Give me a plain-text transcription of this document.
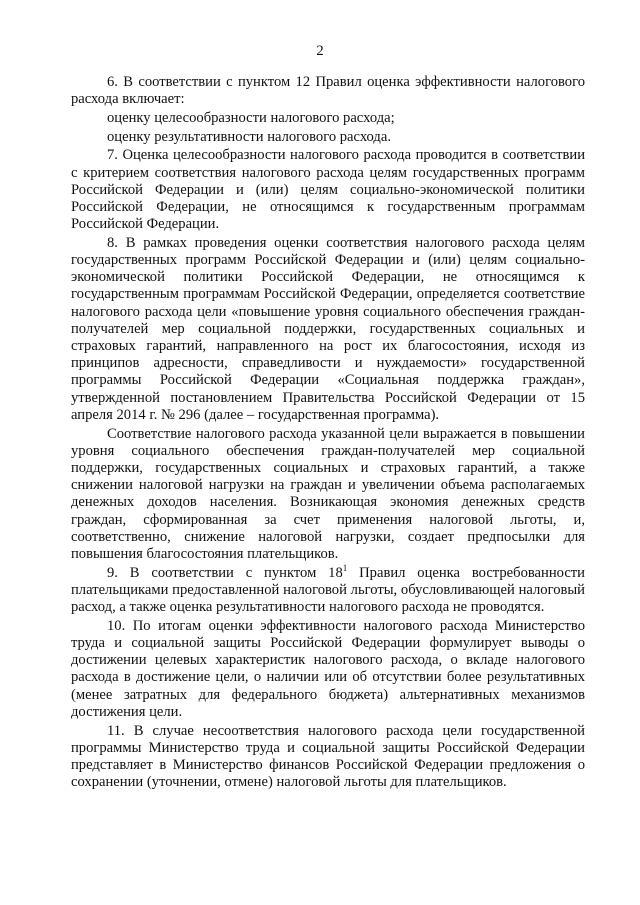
2

6. В соответствии с пунктом 12 Правил оценка эффективности налогового расхода включает:

оценку целесообразности налогового расхода;
оценку результативности налогового расхода.

7. Оценка целесообразности налогового расхода проводится в соответствии с критерием соответствия налогового расхода целям государственных программ Российской Федерации и (или) целям социально-экономической политики Российской Федерации, не относящимся к государственным программам Российской Федерации.

8. В рамках проведения оценки соответствия налогового расхода целям государственных программ Российской Федерации и (или) целям социально-экономической политики Российской Федерации, не относящимся к государственным программам Российской Федерации, определяется соответствие налогового расхода цели «повышение уровня социального обеспечения граждан-получателей мер социальной поддержки, государственных социальных и страховых гарантий, направленного на рост их благосостояния, исходя из принципов адресности, справедливости и нуждаемости» государственной программы Российской Федерации «Социальная поддержка граждан», утвержденной постановлением Правительства Российской Федерации от 15 апреля 2014 г. № 296 (далее – государственная программа).

Соответствие налогового расхода указанной цели выражается в повышении уровня социального обеспечения граждан-получателей мер социальной поддержки, государственных социальных и страховых гарантий, а также снижении налоговой нагрузки на граждан и увеличении объема располагаемых денежных доходов населения. Возникающая экономия денежных средств граждан, сформированная за счет применения налоговой льготы, и, соответственно, снижение налоговой нагрузки, создает предпосылки для повышения благосостояния плательщиков.

9. В соответствии с пунктом $18^1$ Правил оценка востребованности плательщиками предоставленной налоговой льготы, обусловливающей налоговый расход, а также оценка результативности налогового расхода не проводятся.

10. По итогам оценки эффективности налогового расхода Министерство труда и социальной защиты Российской Федерации формулирует выводы о достижении целевых характеристик налогового расхода, о вкладе налогового расхода в достижение цели, о наличии или об отсутствии более результативных (менее затратных для федерального бюджета) альтернативных механизмов достижения цели.

11. В случае несоответствия налогового расхода цели государственной программы Министерство труда и социальной защиты Российской Федерации представляет в Министерство финансов Российской Федерации предложения о сохранении (уточнении, отмене) налоговой льготы для плательщиков.
